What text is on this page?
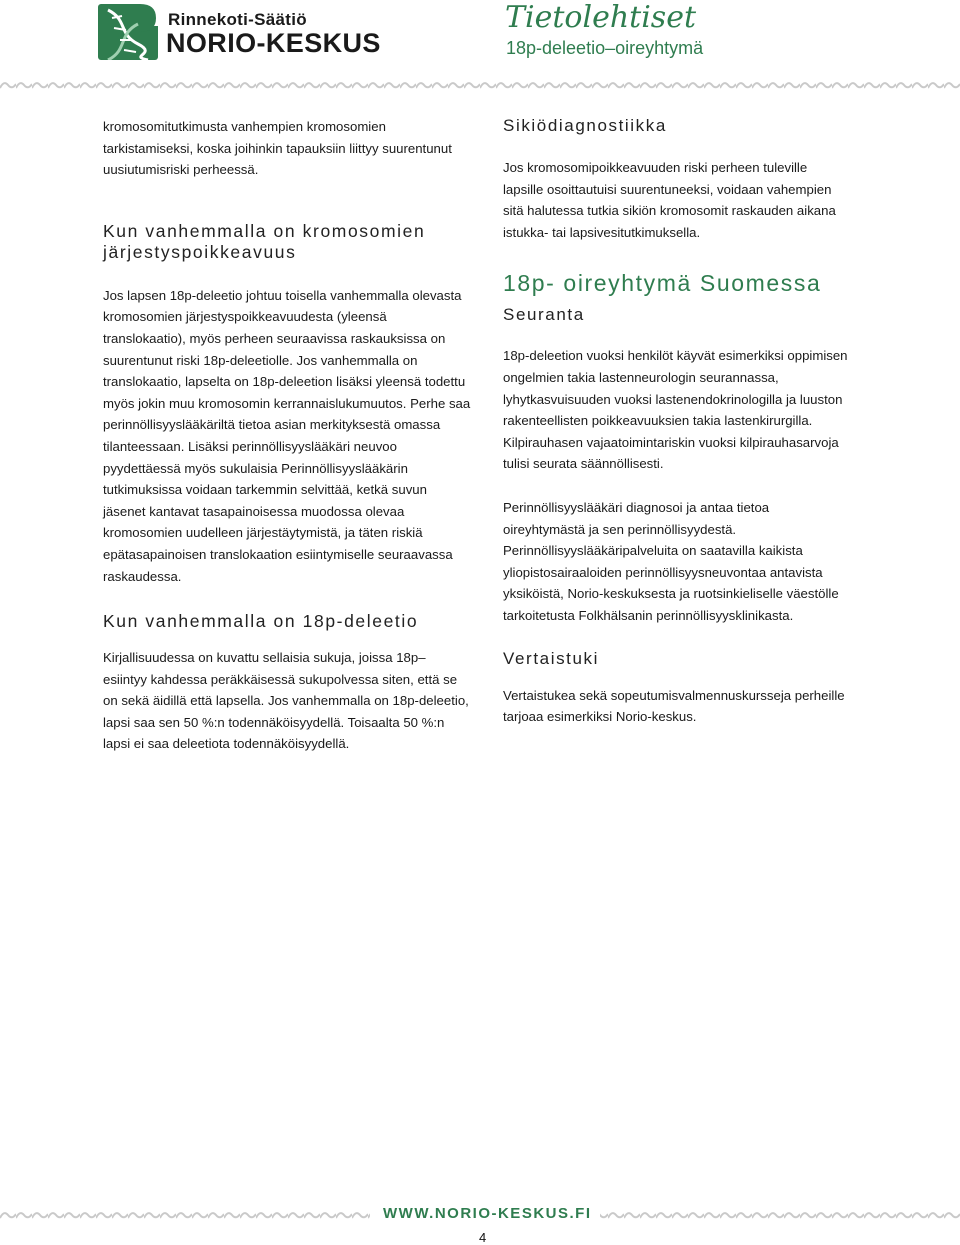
Rinnekoti-Säätiö
NORIO-KESKUS
Tietolehtiset
18p-deleetio–oireyhtymä

kromosomitutkimusta vanhempien kromosomien tarkistamiseksi, koska joihinkin tapauksiin liittyy suurentunut uusiutumisriski perheessä.

Kun vanhemmalla on kromosomien
järjestyspoikkeavuus

Jos lapsen 18p-deleetio johtuu toisella vanhemmalla olevasta kromosomien järjestyspoikkeavuudesta (yleensä translokaatio), myös perheen seuraavissa raskauksissa on suurentunut riski 18p-deleetiolle. Jos vanhemmalla on translokaatio, lapselta on 18p-deleetion lisäksi yleensä todettu myös jokin muu kromosomin kerrannaislukumuutos. Perhe saa perinnöllisyyslääkäriltä tietoa asian merkityksestä omassa tilanteessaan. Lisäksi perinnöllisyyslääkäri neuvoo pyydettäessä myös sukulaisia Perinnöllisyyslääkärin tutkimuksissa voidaan tarkemmin selvittää, ketkä suvun jäsenet kantavat tasapainoisessa muodossa olevaa kromosomien uudelleen järjestäytymistä, ja täten riskiä epätasapainoisen translokaation esiintymiselle seuraavassa raskaudessa.

Kun vanhemmalla on 18p-deleetio

Kirjallisuudessa on kuvattu sellaisia sukuja, joissa 18p– esiintyy kahdessa peräkkäisessä sukupolvessa siten, että se on sekä äidillä että lapsella. Jos vanhemmalla on 18p-deleetio, lapsi saa sen 50 %:n todennäköisyydellä. Toisaalta 50 %:n lapsi ei saa deleetiota todennäköisyydellä.

Sikiödiagnostiikka

Jos kromosomipoikkeavuuden riski perheen tuleville lapsille osoittautuisi suurentuneeksi, voidaan vahempien sitä halutessa tutkia sikiön kromosomit raskauden aikana istukka- tai lapsivesitutkimuksella.

18p- oireyhtymä Suomessa
Seuranta

18p-deleetion vuoksi henkilöt käyvät esimerkiksi oppimisen ongelmien takia lastenneurologin seurannassa, lyhytkasvuisuuden vuoksi lastenendokrinologilla ja luuston rakenteellisten poikkeavuuksien takia lastenkirurgilla. Kilpirauhasen vajaatoimintariskin vuoksi kilpirauhasarvoja tulisi seurata säännöllisesti.

Perinnöllisyyslääkäri diagnosoi ja antaa tietoa oireyhtymästä ja sen perinnöllisyydestä. Perinnöllisyyslääkäripalveluita on saatavilla kaikista yliopistosairaaloiden perinnöllisyysneuvontaa antavista yksiköistä, Norio-keskuksesta ja ruotsinkieliselle väestölle tarkoitetusta Folkhälsanin perinnöllisyysklinikasta.

Vertaistuki

Vertaistukea sekä sopeutumisvalmennuskursseja perheille tarjoaa esimerkiksi Norio-keskus.

WWW.NORIO-KESKUS.FI
4
